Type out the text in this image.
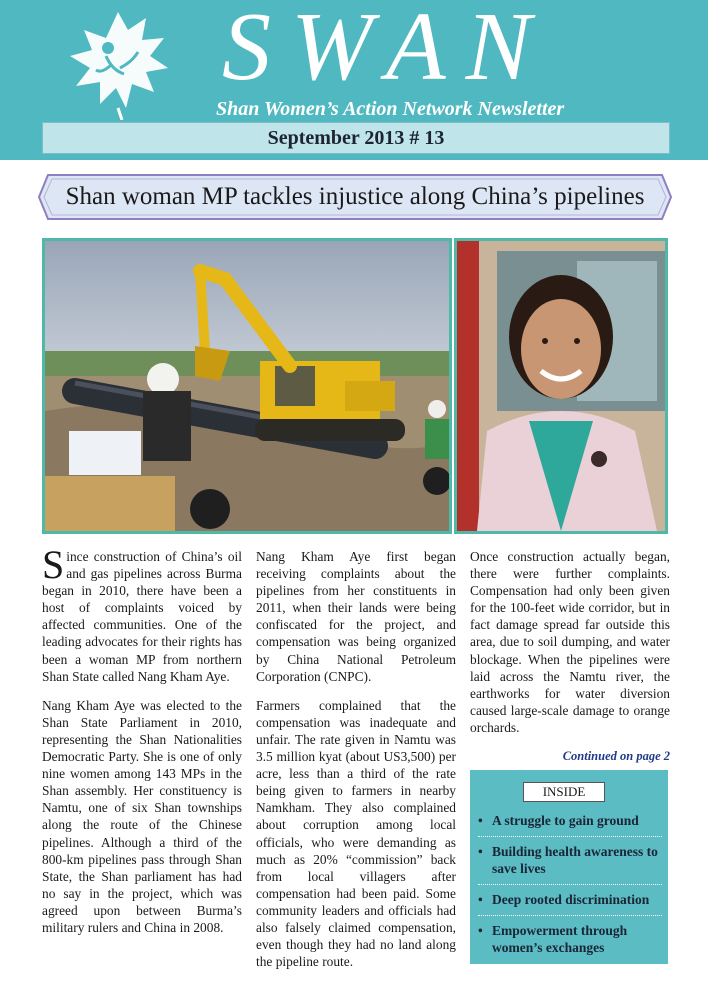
SWAN
Shan Women’s Action Network Newsletter
September 2013 # 13
Shan woman MP tackles injustice along China’s pipelines

Since construction of China’s oil and gas pipelines across Burma began in 2010, there have been a host of complaints voiced by affected communities. One of the leading advocates for their rights has been a woman MP from northern Shan State called Nang Kham Aye.

Nang Kham Aye was elected to the Shan State Parliament in 2010, representing the Shan Nationalities Democratic Party. She is one of only nine women among 143 MPs in the Shan assembly. Her constituency is Namtu, one of six Shan townships along the route of the Chinese pipelines. Although a third of the 800-km pipelines pass through Shan State, the Shan parliament has had no say in the project, which was agreed upon between Burma’s military rulers and China in 2008.

Nang Kham Aye first began receiving complaints about the pipelines from her constituents in 2011, when their lands were being confiscated for the project, and compensation was being organized by China National Petroleum Corporation (CNPC).

Farmers complained that the compensation was inadequate and unfair. The rate given in Namtu was 3.5 million kyat (about US3,500) per acre, less than a third of the rate being given to farmers in nearby Namkham. They also complained about corruption among local officials, who were demanding as much as 20% “commission” back from local villagers after compensation had been paid. Some community leaders and officials had also falsely claimed compensation, even though they had no land along the pipeline route.

Once construction actually began, there were further complaints. Compensation had only been given for the 100-feet wide corridor, but in fact damage spread far outside this area, due to soil dumping, and water blockage. When the pipelines were laid across the Namtu river, the earthworks for water diversion caused large-scale damage to orange orchards.

Continued on page 2
INSIDE
• A struggle to gain ground
• Building health awareness to save lives
• Deep rooted discrimination
• Empowerment through women’s exchanges
